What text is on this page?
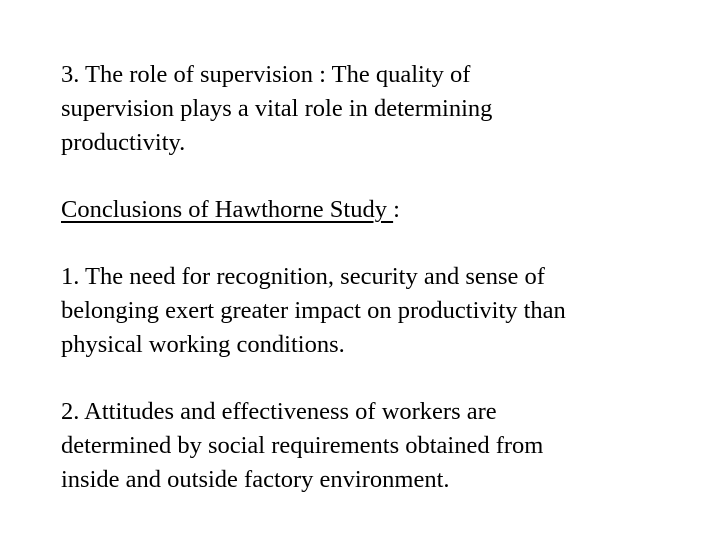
3. The role of supervision : The quality of
supervision plays a vital role in determining
productivity.

Conclusions of Hawthorne Study :

1. The need for recognition, security and sense of
belonging exert greater impact on productivity than
physical working conditions.

2. Attitudes and effectiveness of workers are
determined by social requirements obtained from
inside and outside factory environment.
